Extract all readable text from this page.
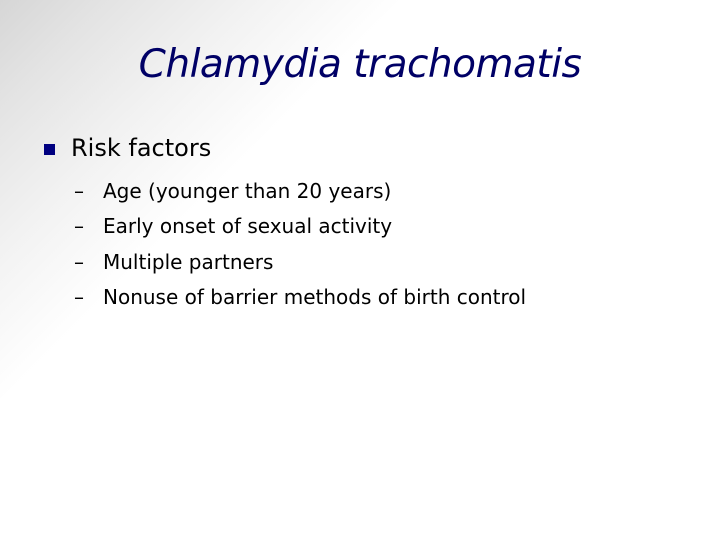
Chlamydia trachomatis
Risk factors
– Age (younger than 20 years)
– Early onset of sexual activity
– Multiple partners
– Nonuse of barrier methods of birth control
